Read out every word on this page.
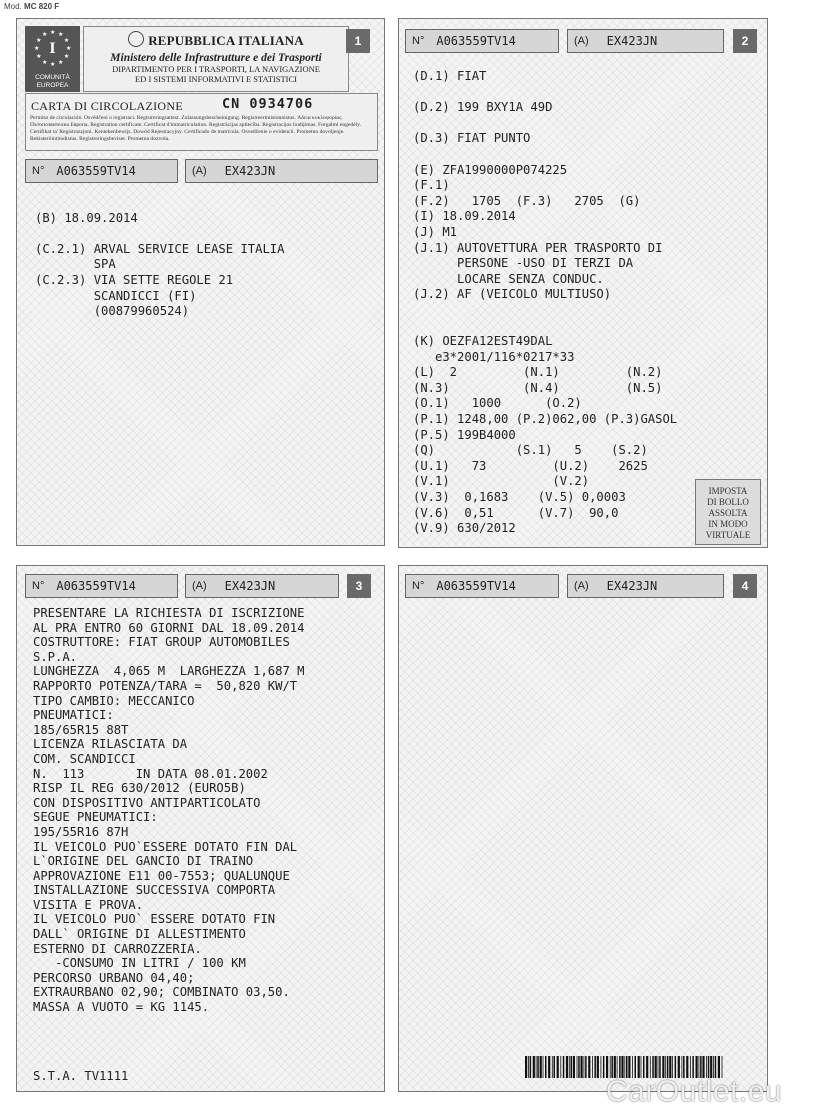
Mod. MC 820 F
★ ★
★
★
★
★
★
★
★
★
★
★
I
COMUNITÀ
EUROPEA
REPUBBLICA ITALIANA
Ministero delle Infrastrutture e dei Trasporti
DIPARTIMENTO PER I TRASPORTI, LA NAVIGAZIONE
ED I SISTEMI INFORMATIVI E STATISTICI
1
CARTA DI CIRCOLAZIONE	CN 0934706
Permiso de circulación. Osvědčení o registraci. Registreringsattest. Zulassungsbescheinigung. Registreerimistunnistus. Άδεια κυκλοφορίας. Пътопозвителна Европа. Registration certificate. Certificat d'immatriculation. Registrācijas apliecība. Registracijos liudijimas. Forgalmi engedély. Certifikat ta' Registrazzjoni. Kentekenbewijs. Dowód Rejestracyjny. Certificado de matrícula. Osvedčenie o evidencii. Prometno dovoljenje. Rekisteröintitodistus. Registreringsbeviset. Prometna dozvola.
N° A063559TV14	(A) EX423JN

(B) 18.09.2014

(C.2.1) ARVAL SERVICE LEASE ITALIA
SPA
(C.2.3) VIA SETTE REGOLE 21
SCANDICCI (FI)
(00879960524)
N° A063559TV14	(A) EX423JN	2
(D.1) FIAT

(D.2) 199 BXY1A 49D

(D.3) FIAT PUNTO

(E) ZFA1990000P074225
(F.1)
(F.2)   1705  (F.3)   2705  (G)
(I) 18.09.2014
(J) M1
(J.1) AUTOVETTURA PER TRASPORTO DI
PERSONE -USO DI TERZI DA
LOCARE SENZA CONDUC.
(J.2) AF (VEICOLO MULTIUSO)

(K) OEZFA12EST49DAL
e3*2001/116*0217*33
(L)  2         (N.1)         (N.2)
(N.3)          (N.4)         (N.5)
(O.1)   1000      (O.2)
(P.1) 1248,00 (P.2)062,00 (P.3)GASOL
(P.5) 199B4000
(Q)           (S.1)   5    (S.2)
(U.1)   73         (U.2)    2625
(V.1)              (V.2)
(V.3)  0,1683    (V.5) 0,0003
(V.6)  0,51      (V.7)  90,0
(V.9) 630/2012
IMPOSTA
DI BOLLO
ASSOLTA
IN MODO
VIRTUALE
N° A063559TV14	(A) EX423JN	3
PRESENTARE LA RICHIESTA DI ISCRIZIONE
AL PRA ENTRO 60 GIORNI DAL 18.09.2014
COSTRUTTORE: FIAT GROUP AUTOMOBILES
S.P.A.
LUNGHEZZA  4,065 M  LARGHEZZA 1,687 M
RAPPORTO POTENZA/TARA =  50,820 KW/T
TIPO CAMBIO: MECCANICO
PNEUMATICI:
185/65R15 88T
LICENZA RILASCIATA DA
COM. SCANDICCI
N.  113       IN DATA 08.01.2002
RISP IL REG 630/2012 (EURO5B)
CON DISPOSITIVO ANTIPARTICOLATO
SEGUE PNEUMATICI:
195/55R16 87H
IL VEICOLO PUO`ESSERE DOTATO FIN DAL
L`ORIGINE DEL GANCIO DI TRAINO
APPROVAZIONE E11 00-7553; QUALUNQUE
INSTALLAZIONE SUCCESSIVA COMPORTA
VISITA E PROVA.
IL VEICOLO PUO` ESSERE DOTATO FIN
DALL` ORIGINE DI ALLESTIMENTO
ESTERNO DI CARROZZERIA.
-CONSUMO IN LITRI / 100 KM
PERCORSO URBANO 04,40;
EXTRAURBANO 02,90; COMBINATO 03,50.
MASSA A VUOTO = KG 1145.
S.T.A. TV1111
N° A063559TV14	(A) EX423JN	4
CarOutlet.eu
